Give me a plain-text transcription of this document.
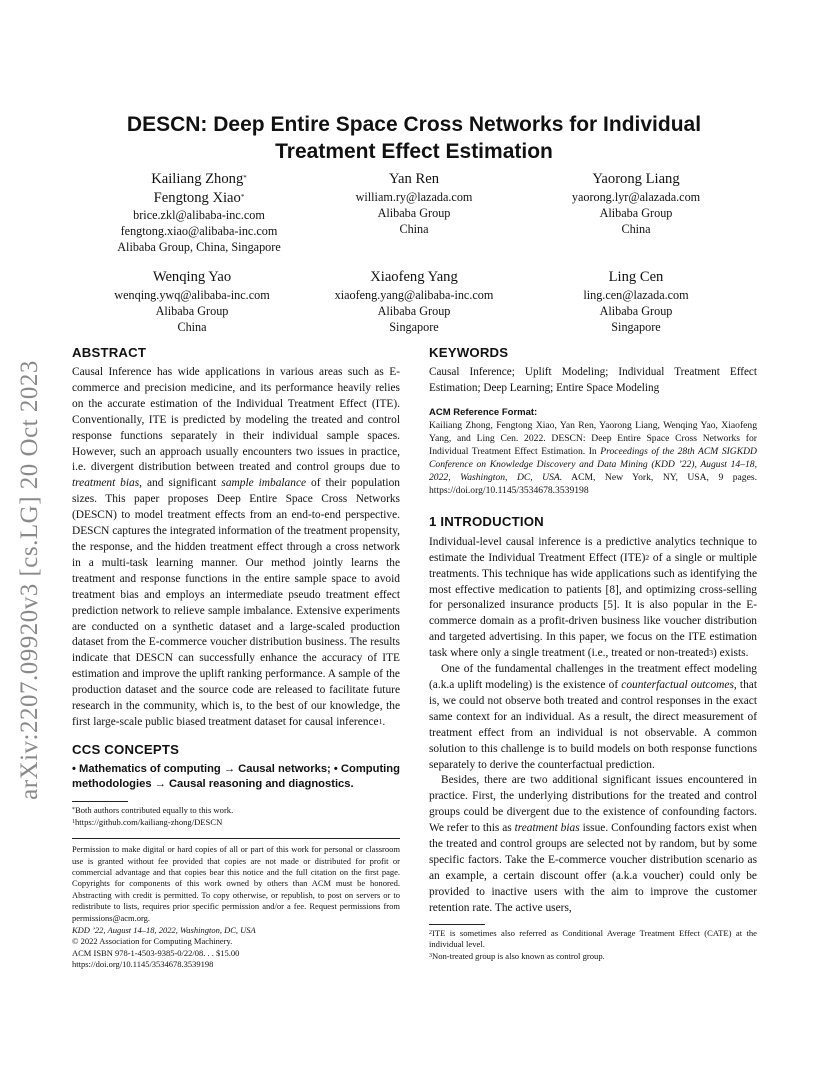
arXiv:2207.09920v3 [cs.LG] 20 Oct 2023
DESCN: Deep Entire Space Cross Networks for Individual
Treatment Effect Estimation
Kailiang Zhong*
Fengtong Xiao*
brice.zkl@alibaba-inc.com
fengtong.xiao@alibaba-inc.com
Alibaba Group, China, Singapore
Yan Ren
william.ry@lazada.com
Alibaba Group
China
Yaorong Liang
yaorong.lyr@alazada.com
Alibaba Group
China
Wenqing Yao
wenqing.ywq@alibaba-inc.com
Alibaba Group
China
Xiaofeng Yang
xiaofeng.yang@alibaba-inc.com
Alibaba Group
Singapore
Ling Cen
ling.cen@lazada.com
Alibaba Group
Singapore
ABSTRACT

Causal Inference has wide applications in various areas such as E-commerce and precision medicine, and its performance heavily relies on the accurate estimation of the Individual Treatment Effect (ITE). Conventionally, ITE is predicted by modeling the treated and control response functions separately in their individual sample spaces. However, such an approach usually encounters two issues in practice, i.e. divergent distribution between treated and control groups due to treatment bias, and significant sample imbalance of their population sizes. This paper proposes Deep Entire Space Cross Networks (DESCN) to model treatment effects from an end-to-end perspective. DESCN captures the integrated information of the treatment propensity, the response, and the hidden treatment effect through a cross network in a multi-task learning manner. Our method jointly learns the treatment and response functions in the entire sample space to avoid treatment bias and employs an intermediate pseudo treatment effect prediction network to relieve sample imbalance. Extensive experiments are conducted on a synthetic dataset and a large-scaled production dataset from the E-commerce voucher distribution business. The results indicate that DESCN can successfully enhance the accuracy of ITE estimation and improve the uplift ranking performance. A sample of the production dataset and the source code are released to facilitate future research in the community, which is, to the best of our knowledge, the first large-scale public biased treatment dataset for causal inference$^1$.

CCS CONCEPTS

• Mathematics of computing → Causal networks; • Computing methodologies → Causal reasoning and diagnostics.

*Both authors contributed equally to this work.

$^1$https://github.com/kailiang-zhong/DESCN

Permission to make digital or hard copies of all or part of this work for personal or classroom use is granted without fee provided that copies are not made or distributed for profit or commercial advantage and that copies bear this notice and the full citation on the first page. Copyrights for components of this work owned by others than ACM must be honored. Abstracting with credit is permitted. To copy otherwise, or republish, to post on servers or to redistribute to lists, requires prior specific permission and/or a fee. Request permissions from permissions@acm.org.

KDD ’22, August 14–18, 2022, Washington, DC, USA

© 2022 Association for Computing Machinery.

ACM ISBN 978-1-4503-9385-0/22/08. . . $15.00

https://doi.org/10.1145/3534678.3539198

KEYWORDS

Causal Inference; Uplift Modeling; Individual Treatment Effect Estimation; Deep Learning; Entire Space Modeling

ACM Reference Format:

Kailiang Zhong, Fengtong Xiao, Yan Ren, Yaorong Liang, Wenqing Yao, Xiaofeng Yang, and Ling Cen. 2022. DESCN: Deep Entire Space Cross Networks for Individual Treatment Effect Estimation. In Proceedings of the 28th ACM SIGKDD Conference on Knowledge Discovery and Data Mining (KDD ’22), August 14–18, 2022, Washington, DC, USA. ACM, New York, NY, USA, 9 pages. https://doi.org/10.1145/3534678.3539198

1 INTRODUCTION

Individual-level causal inference is a predictive analytics technique to estimate the Individual Treatment Effect (ITE)$^2$ of a single or multiple treatments. This technique has wide applications such as identifying the most effective medication to patients [8], and optimizing cross-selling for personalized insurance products [5]. It is also popular in the E-commerce domain as a profit-driven business like voucher distribution and targeted advertising. In this paper, we focus on the ITE estimation task where only a single treatment (i.e., treated or non-treated$^3$) exists.

One of the fundamental challenges in the treatment effect modeling (a.k.a uplift modeling) is the existence of counterfactual outcomes, that is, we could not observe both treated and control responses in the exact same context for an individual. As a result, the direct measurement of treatment effect from an individual is not observable. A common solution to this challenge is to build models on both response functions separately to derive the counterfactual prediction.

Besides, there are two additional significant issues encountered in practice. First, the underlying distributions for the treated and control groups could be divergent due to the existence of confounding factors. We refer to this as treatment bias issue. Confounding factors exist when the treated and control groups are selected not by random, but by some specific factors. Take the E-commerce voucher distribution scenario as an example, a certain discount offer (a.k.a voucher) could only be provided to inactive users with the aim to improve the customer retention rate. The active users,

$^2$ITE is sometimes also referred as Conditional Average Treatment Effect (CATE) at the individual level.

$^3$Non-treated group is also known as control group.
